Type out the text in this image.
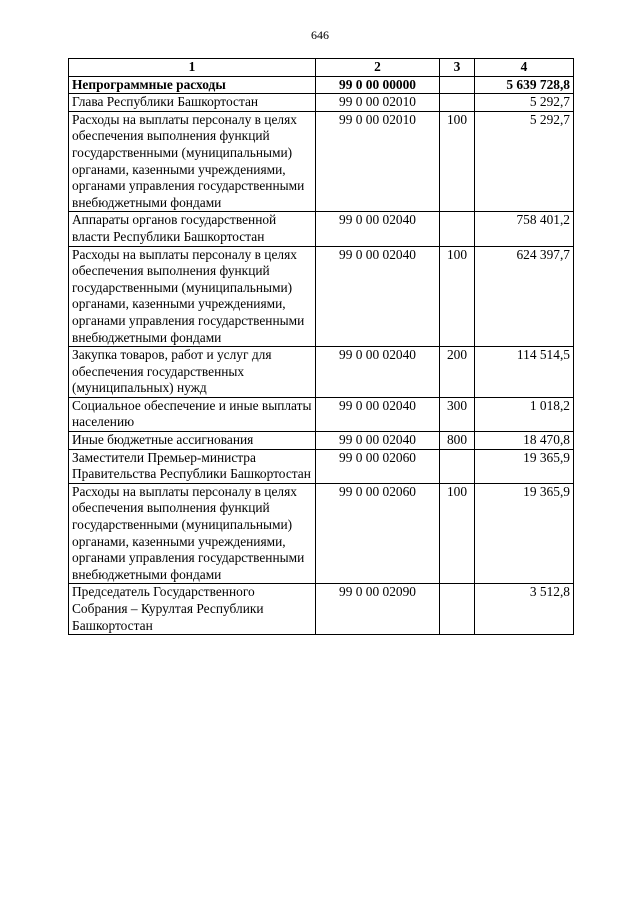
646
1	2	3	4
Непрограммные расходы	99 0 00 00000		5 639 728,8
Глава Республики Башкортостан	99 0 00 02010		5 292,7
Расходы на выплаты персоналу в целях обеспечения выполнения функций государственными (муниципальными) органами, казенными учреждениями, органами управления государственными внебюджетными фондами	99 0 00 02010	100	5 292,7
Аппараты органов государственной власти Республики Башкортостан	99 0 00 02040		758 401,2
Расходы на выплаты персоналу в целях обеспечения выполнения функций государственными (муниципальными) органами, казенными учреждениями, органами управления государственными внебюджетными фондами	99 0 00 02040	100	624 397,7
Закупка товаров, работ и услуг для обеспечения государственных (муниципальных) нужд	99 0 00 02040	200	114 514,5
Социальное обеспечение и иные выплаты населению	99 0 00 02040	300	1 018,2
Иные бюджетные ассигнования	99 0 00 02040	800	18 470,8
Заместители Премьер-министра Правительства Республики Башкортостан	99 0 00 02060		19 365,9
Расходы на выплаты персоналу в целях обеспечения выполнения функций государственными (муниципальными) органами, казенными учреждениями, органами управления государственными внебюджетными фондами	99 0 00 02060	100	19 365,9
Председатель Государственного Собрания – Курултая Республики Башкортостан	99 0 00 02090		3 512,8
